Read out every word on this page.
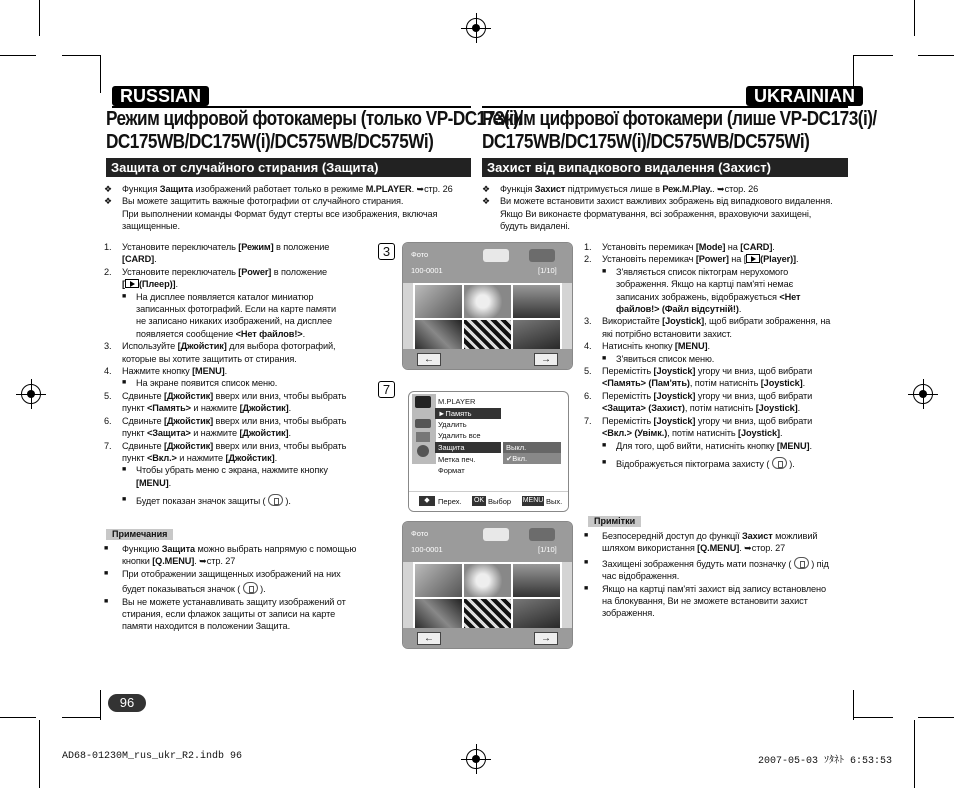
RUSSIAN	UKRAINIAN
Режим цифровой фотокамеры (только VP-DC173(i)/
DC175WB/DC175W(i)/DC575WB/DC575Wi)
Режим цифрової фотокамери (лише VP-DC173(i)/
DC175WB/DC175W(i)/DC575WB/DC575Wi)
Защита от случайного стирания (Защита)	Захист від випадкового видалення (Захист)
❖ Функция Защита изображений работает только в режиме M.PLAYER. ➥стр. 26
❖ Вы можете защитить важные фотографии от случайного стирания.
При выполнении команды Формат будут стерты все изображения, включая
защищенные.
1. Установите переключатель [Режим] в положение
[CARD].
2. Установите переключатель [Power] в положение
[ (Плеер)].
■ На дисплее появляется каталог миниатюр
записанных фотографий. Если на карте памяти
не записано никаких изображений, на дисплее
появляется сообщение <Нет файлов!>.
3. Используйте [Джойстик] для выбора фотографий,
которые вы хотите защитить от стирания.
4. Нажмите кнопку [MENU].
■ На экране появится список меню.
5. Сдвиньте [Джойстик] вверх или вниз, чтобы выбрать
пункт <Память> и нажмите [Джойстик].
6. Сдвиньте [Джойстик] вверх или вниз, чтобы выбрать
пункт <Защита> и нажмите [Джойстик].
7. Сдвиньте [Джойстик] вверх или вниз, чтобы выбрать
пункт <Вкл.> и нажмите [Джойстик].
■ Чтобы убрать меню с экрана, нажмите кнопку
[MENU].
■ Будет показан значок защиты (  ).
Примечания
■ Функцию Защита можно выбрать напрямую с помощью
кнопки [Q.MENU]. ➥стр. 27
■ При отображении защищенных изображений на них
будет показываться значок (  ).
■ Вы не можете устанавливать защиту изображений от
стирания, если флажок защиты от записи на карте
памяти находится в положении Защита.
3
7
Фото
100-0001	[1/10]
←	→
M.PLAYER
►Память
Удалить
Удалить все
Защита
Метка печ.
Формат
Выкл.
✔Вкл.
◆	Перех. OK Выбор MENU Вых.
Фото
100-0001	[1/10]
←	→
❖ Функція Захист підтримується лише в Реж.M.Play.. ➥стор. 26
❖ Ви можете встановити захист важливих зображень від випадкового видалення.
Якщо Ви виконаєте форматування, всі зображення, враховуючи захищені,
будуть видалені.
1. Установіть перемикач [Mode] на [CARD].
2. Установіть перемикач [Power] на [ (Player)].
■ З'являється список піктограм нерухомого
зображення. Якщо на картці пам'яті немає
записаних зображень, відображується <Нет
файлов!> (Файл відсутній!).
3. Використайте [Joystick], щоб вибрати зображення, на
які потрібно встановити захист.
4. Натисніть кнопку [MENU].
■ З'явиться список меню.
5. Перемістіть [Joystick] угору чи вниз, щоб вибрати
<Память> (Пам'ять), потім натисніть [Joystick].
6. Перемістіть [Joystick] угору чи вниз, щоб вибрати
<Защита> (Захист), потім натисніть [Joystick].
7. Перемістіть [Joystick] угору чи вниз, щоб вибрати
<Вкл.> (Увімк.), потім натисніть [Joystick].
■ Для того, щоб вийти, натисніть кнопку [MENU].
■ Відображується піктограма захисту (  ).
Примітки
■ Безпосередній доступ до функції Захист можливий
шляхом використання [Q.MENU]. ➥стор. 27
■ Захищені зображення будуть мати позначку ( ) під
час відображення.
■ Якщо на картці пам'яті захист від запису встановлено
на блокування, Ви не зможете встановити захист
зображення.
96
AD68-01230M_rus_ukr_R2.indb 96	2007-05-03 ｿﾀﾈﾄ 6:53:53
